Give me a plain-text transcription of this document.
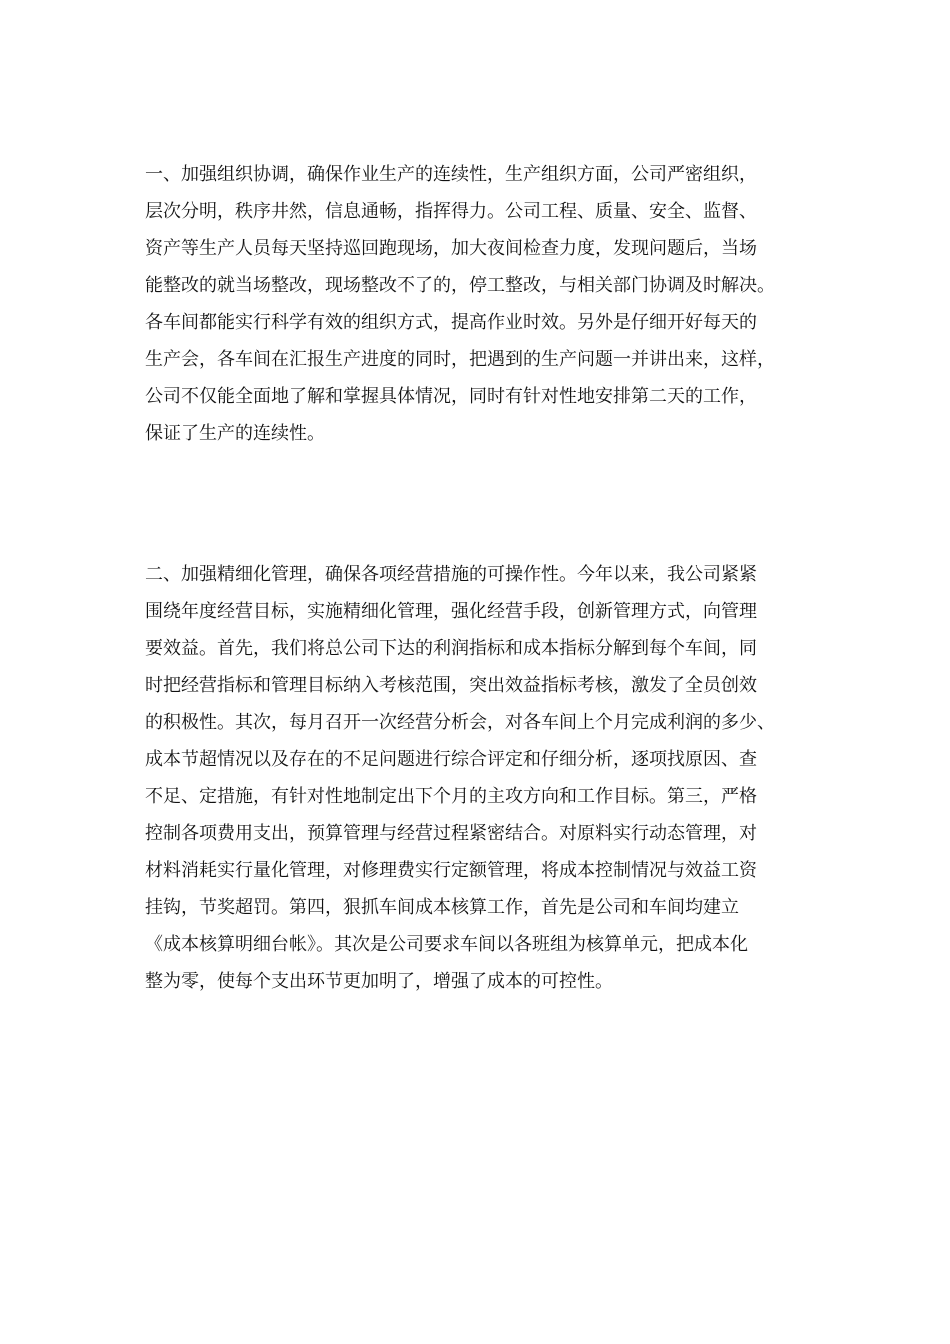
一、加强组织协调，确保作业生产的连续性，生产组织方面，公司严密组织，
层次分明，秩序井然，信息通畅，指挥得力。公司工程、质量、安全、监督、
资产等生产人员每天坚持巡回跑现场，加大夜间检查力度，发现问题后，当场
能整改的就当场整改，现场整改不了的，停工整改，与相关部门协调及时解决。
各车间都能实行科学有效的组织方式，提高作业时效。另外是仔细开好每天的
生产会，各车间在汇报生产进度的同时，把遇到的生产问题一并讲出来，这样，
公司不仅能全面地了解和掌握具体情况，同时有针对性地安排第二天的工作，
保证了生产的连续性。
二、加强精细化管理，确保各项经营措施的可操作性。今年以来，我公司紧紧
围绕年度经营目标，实施精细化管理，强化经营手段，创新管理方式，向管理
要效益。首先，我们将总公司下达的利润指标和成本指标分解到每个车间，同
时把经营指标和管理目标纳入考核范围，突出效益指标考核，激发了全员创效
的积极性。其次，每月召开一次经营分析会，对各车间上个月完成利润的多少、
成本节超情况以及存在的不足问题进行综合评定和仔细分析，逐项找原因、查
不足、定措施，有针对性地制定出下个月的主攻方向和工作目标。第三，严格
控制各项费用支出，预算管理与经营过程紧密结合。对原料实行动态管理，对
材料消耗实行量化管理，对修理费实行定额管理，将成本控制情况与效益工资
挂钩，节奖超罚。第四，狠抓车间成本核算工作，首先是公司和车间均建立
《成本核算明细台帐》。其次是公司要求车间以各班组为核算单元，把成本化
整为零，使每个支出环节更加明了，增强了成本的可控性。
